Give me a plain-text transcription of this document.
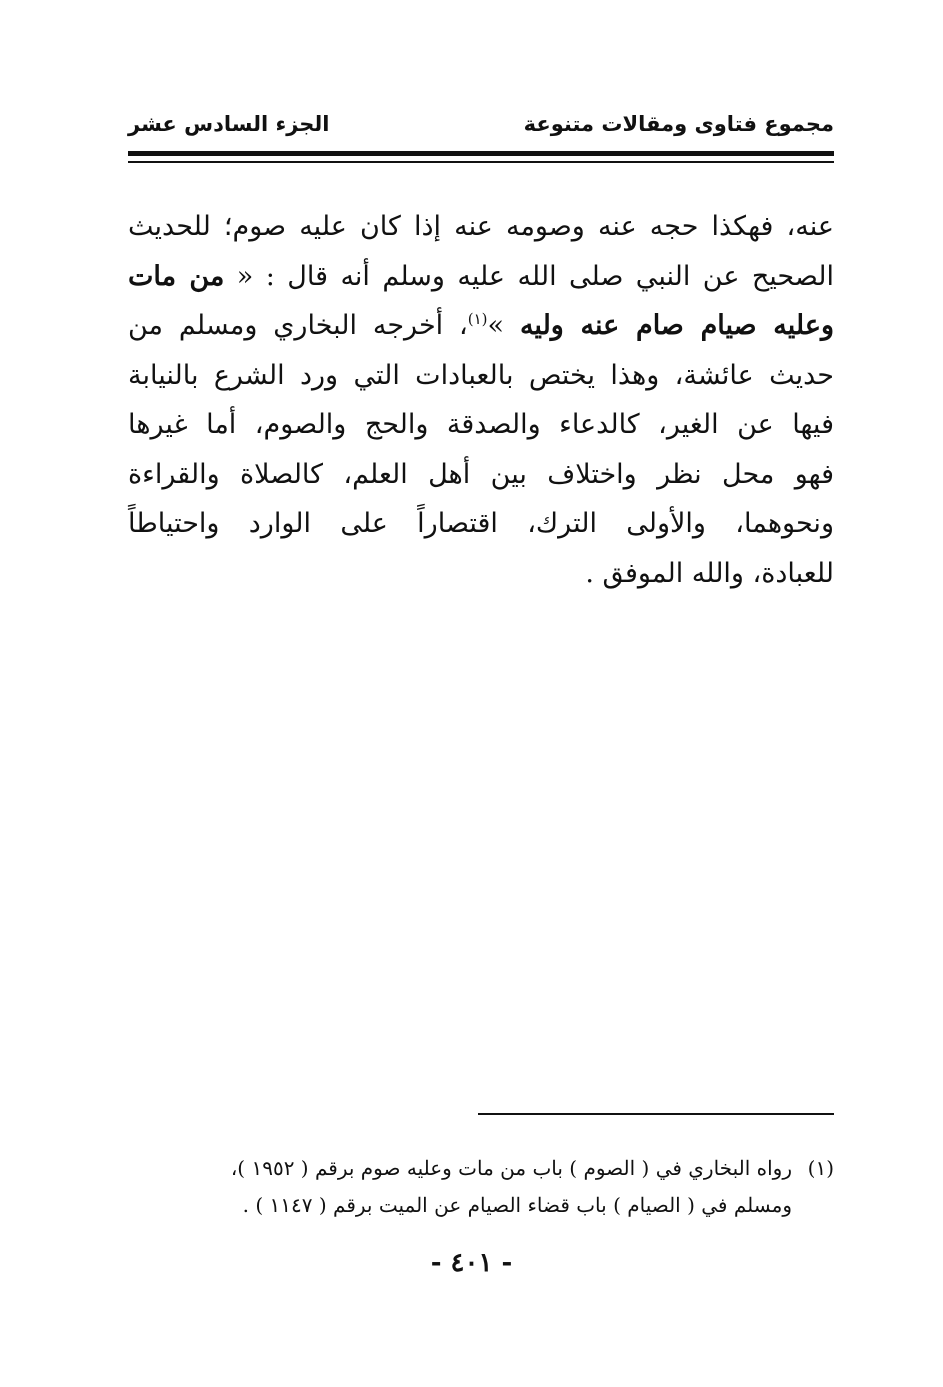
مجموع فتاوى ومقالات متنوعة
الجزء السادس عشر
عنه، فهكذا حجه عنه وصومه عنه إذا كان عليه صوم؛ للحديث
الصحيح عن النبي صلى الله عليه وسلم أنه قال : « من مات
وعليه صيام صام عنه وليه »$^{(١)}$، أخرجه البخاري ومسلم من
حديث عائشة، وهذا يختص بالعبادات التي ورد الشرع بالنيابة
فيها عن الغير، كالدعاء والصدقة والحج والصوم، أما غيرها
فهو محل نظر واختلاف بين أهل العلم، كالصلاة والقراءة
ونحوهما، والأولى الترك، اقتصاراً على الوارد واحتياطاً
للعبادة، والله الموفق .
(١)رواه البخاري في ( الصوم ) باب من مات وعليه صوم برقم ( ١٩٥٢ )،
ومسلم في ( الصيام ) باب قضاء الصيام عن الميت برقم ( ١١٤٧ ) .
- ٤٠١ -
